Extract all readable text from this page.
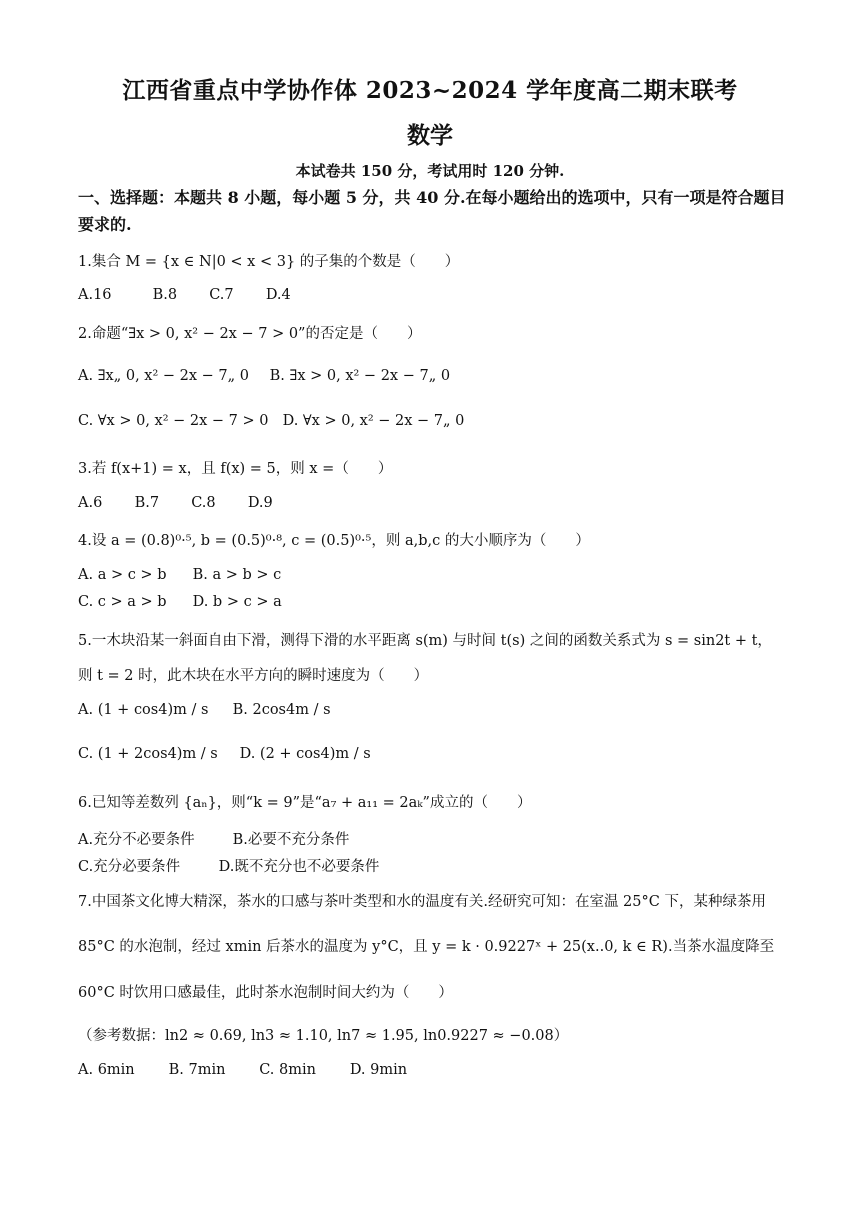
江西省重点中学协作体 2023~2024 学年度高二期末联考
数学
本试卷共 150 分，考试用时 120 分钟.
一、选择题：本题共 8 小题，每小题 5 分，共 40 分.在每小题给出的选项中，只有一项是符合题目要求的.
1.集合 M = {x ∈ N|0 < x < 3} 的子集的个数是（　　）
A.16	B.8 C.7 D.4
2.命题“∃x > 0, x² − 2x − 7 > 0”的否定是（　　）
A. ∃x„ 0, x² − 2x − 7„ 0 B. ∃x > 0, x² − 2x − 7„ 0
C. ∀x > 0, x² − 2x − 7 > 0 D. ∀x > 0, x² − 2x − 7„ 0
3.若 f(x+1) = x，且 f(x) = 5，则 x =（　　）
A.6 B.7 C.8 D.9
4.设 a = (0.8)⁰·⁵, b = (0.5)⁰·⁸, c = (0.5)⁰·⁵，则 a,b,c 的大小顺序为（　　）
A. a > c > b B. a > b > c
C. c > a > b D. b > c > a
5.一木块沿某一斜面自由下滑，测得下滑的水平距离 s(m) 与时间 t(s) 之间的函数关系式为 s = sin2t + t，
则 t = 2 时，此木块在水平方向的瞬时速度为（　　）
A. (1 + cos4)m / s B. 2cos4m / s
C. (1 + 2cos4)m / s D. (2 + cos4)m / s
6.已知等差数列 {aₙ}，则“k = 9”是“a₇ + a₁₁ = 2aₖ”成立的（　　）
A.充分不必要条件	B.必要不充分条件
C.充分必要条件	D.既不充分也不必要条件
7.中国茶文化博大精深，茶水的口感与茶叶类型和水的温度有关.经研究可知：在室温 25°C 下，某种绿茶用
85°C 的水泡制，经过 xmin 后茶水的温度为 y°C，且 y = k · 0.9227ˣ + 25(x..0, k ∈ R).当茶水温度降至
60°C 时饮用口感最佳，此时茶水泡制时间大约为（　　）
（参考数据：ln2 ≈ 0.69, ln3 ≈ 1.10, ln7 ≈ 1.95, ln0.9227 ≈ −0.08）
A. 6min B. 7min C. 8min D. 9min
